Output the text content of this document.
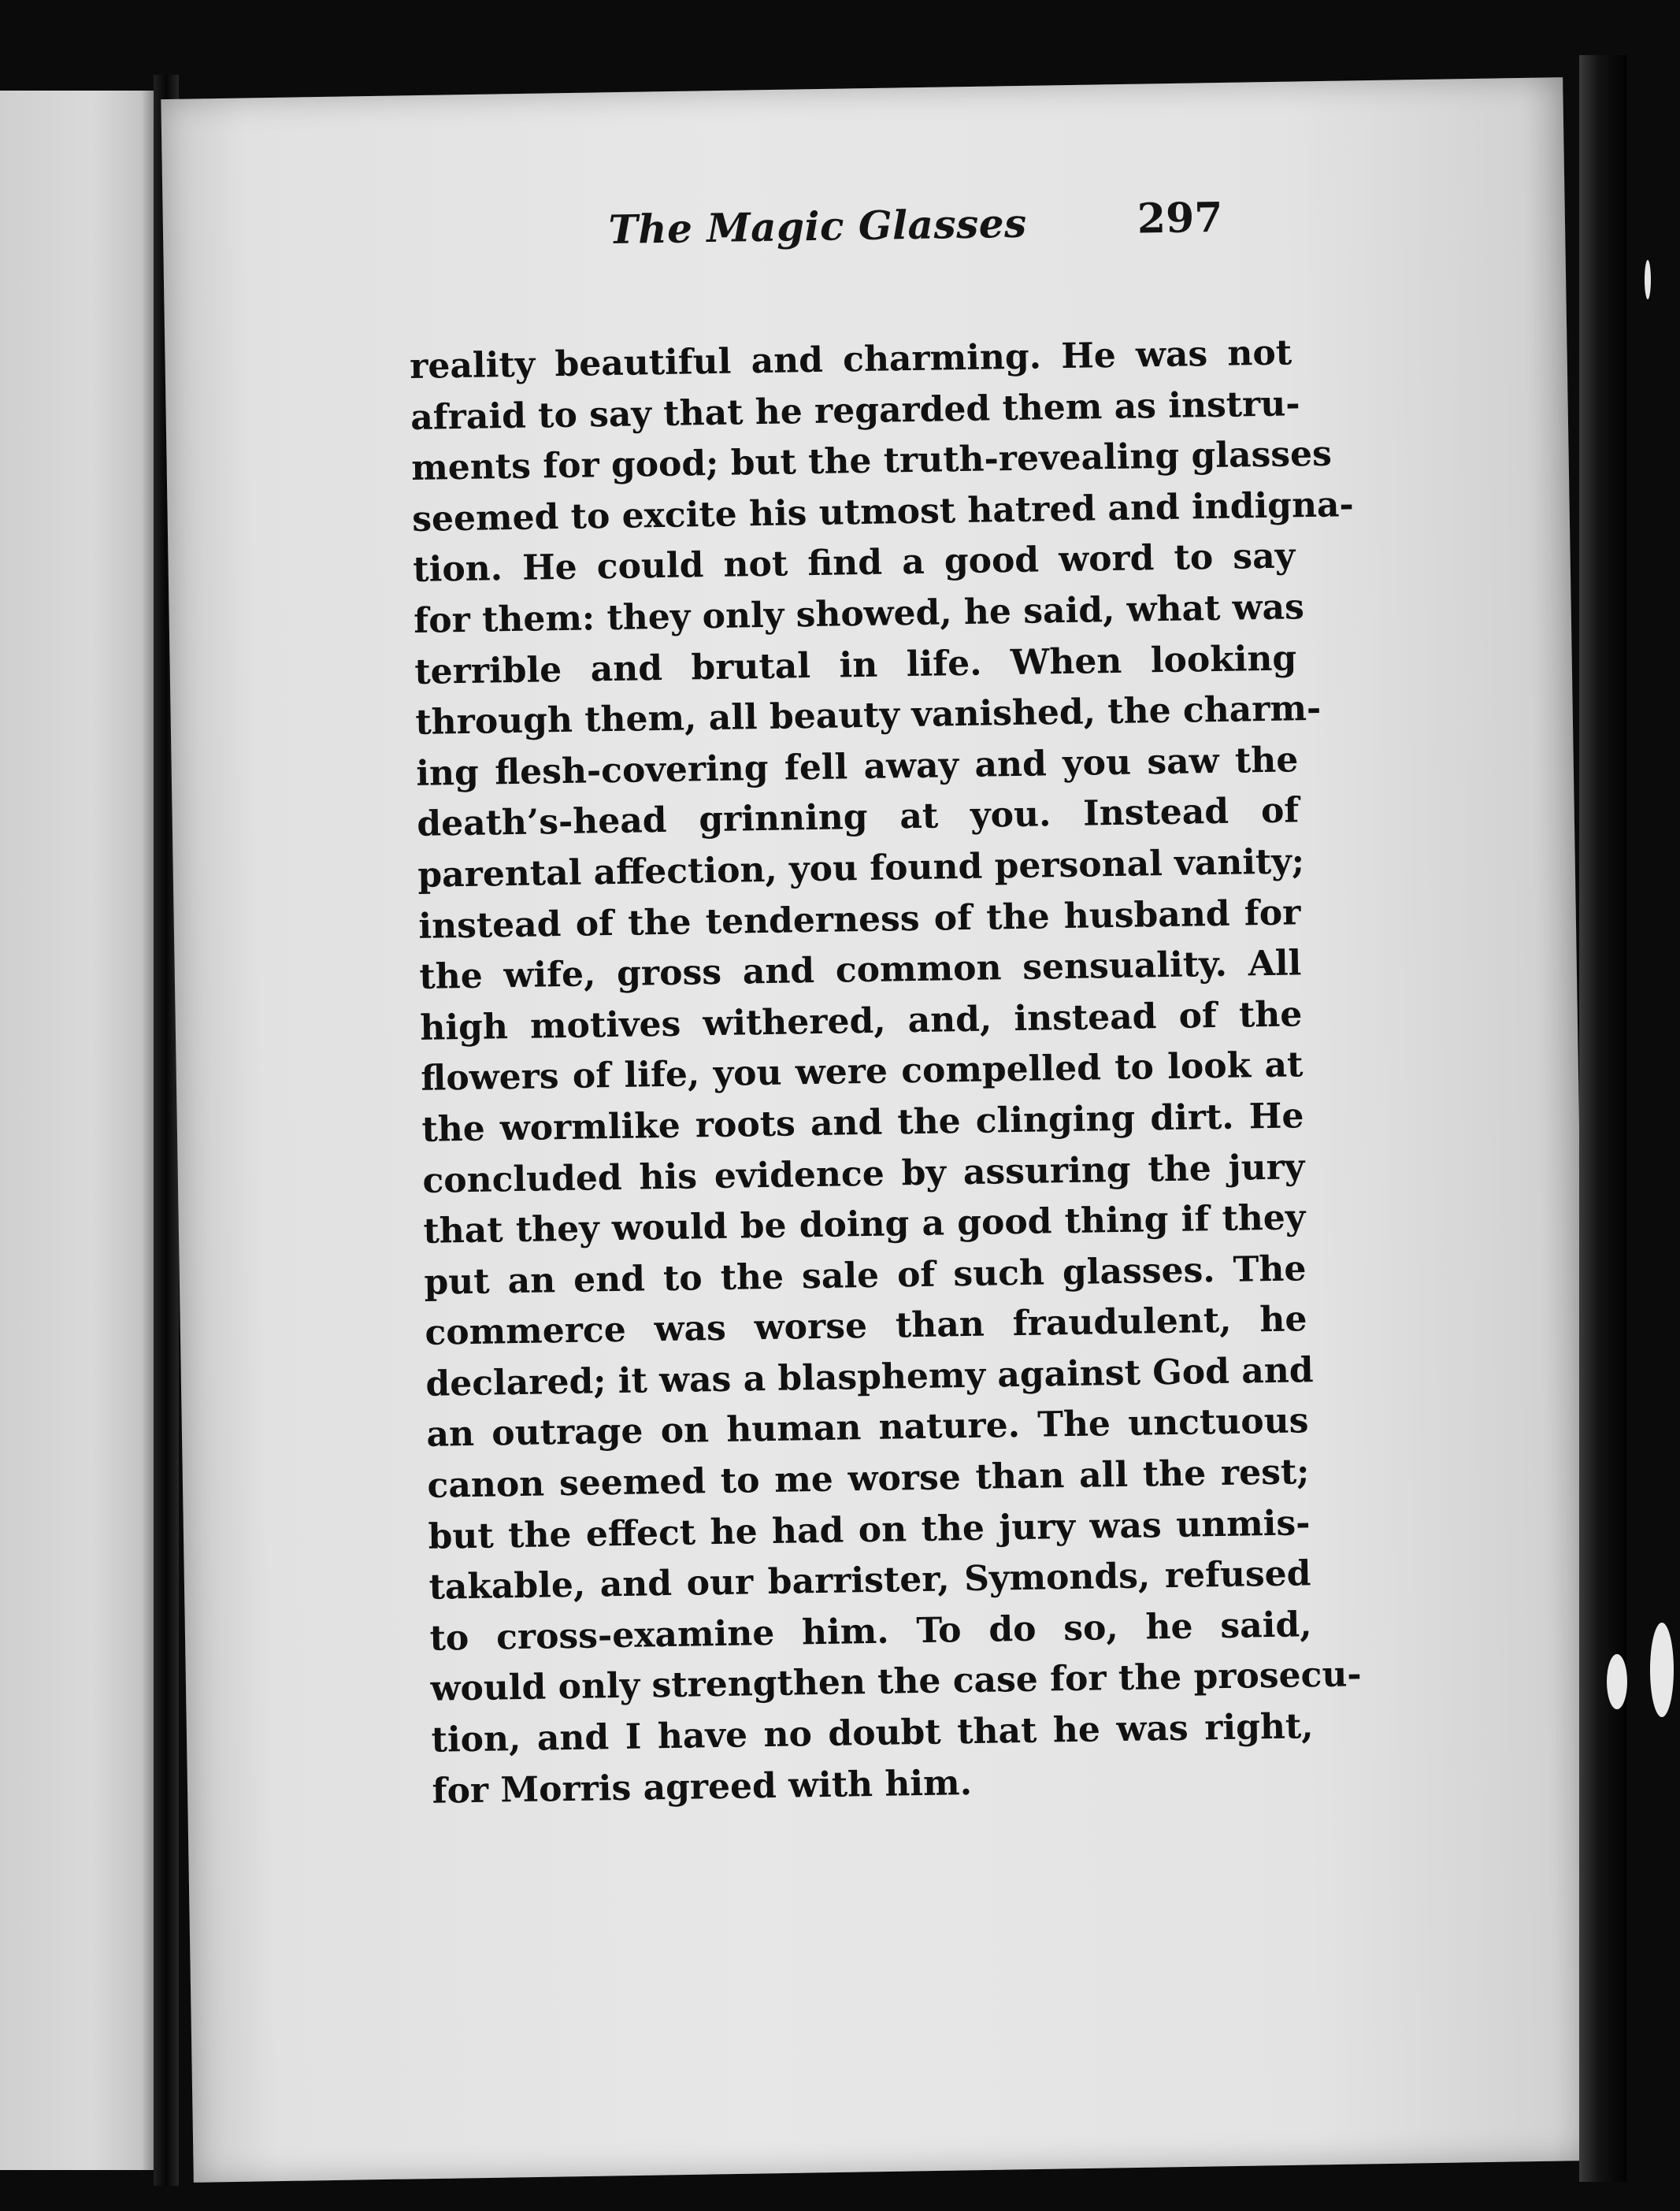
The Magic Glasses	297
reality beautiful and charming. He was not
afraid to say that he regarded them as instru-
ments for good; but the truth-revealing glasses
seemed to excite his utmost hatred and indigna-
tion. He could not find a good word to say
for them: they only showed, he said, what was
terrible and brutal in life. When looking
through them, all beauty vanished, the charm-
ing flesh-covering fell away and you saw the
death’s-head grinning at you. Instead of
parental affection, you found personal vanity;
instead of the tenderness of the husband for
the wife, gross and common sensuality. All
high motives withered, and, instead of the
flowers of life, you were compelled to look at
the wormlike roots and the clinging dirt. He
concluded his evidence by assuring the jury
that they would be doing a good thing if they
put an end to the sale of such glasses. The
commerce was worse than fraudulent, he
declared; it was a blasphemy against God and
an outrage on human nature. The unctuous
canon seemed to me worse than all the rest;
but the effect he had on the jury was unmis-
takable, and our barrister, Symonds, refused
to cross-examine him. To do so, he said,
would only strengthen the case for the prosecu-
tion, and I have no doubt that he was right,
for Morris agreed with him.
